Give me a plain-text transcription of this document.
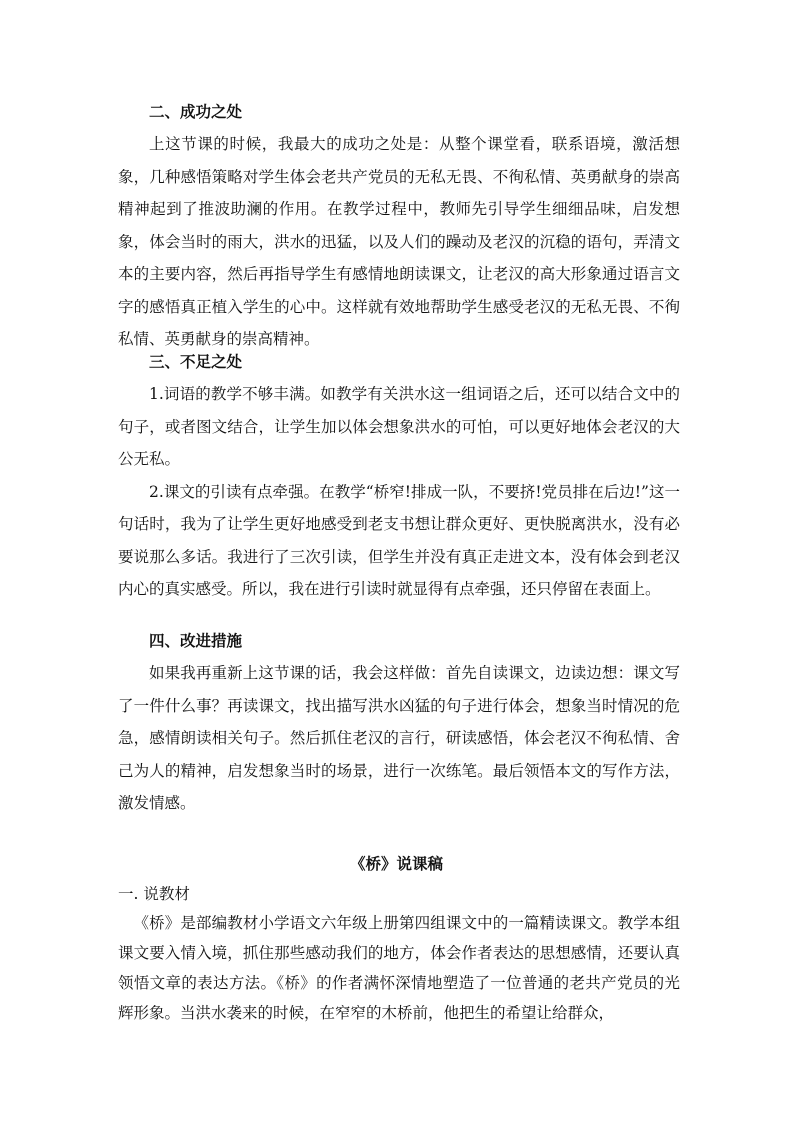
二、成功之处

上这节课的时候，我最大的成功之处是：从整个课堂看，联系语境，激活想象，几种感悟策略对学生体会老共产党员的无私无畏、不徇私情、英勇献身的崇高精神起到了推波助澜的作用。在教学过程中，教师先引导学生细细品味，启发想象，体会当时的雨大，洪水的迅猛，以及人们的躁动及老汉的沉稳的语句，弄清文本的主要内容，然后再指导学生有感情地朗读课文，让老汉的高大形象通过语言文字的感悟真正植入学生的心中。这样就有效地帮助学生感受老汉的无私无畏、不徇私情、英勇献身的崇高精神。

三、不足之处

1.词语的教学不够丰满。如教学有关洪水这一组词语之后，还可以结合文中的句子，或者图文结合，让学生加以体会想象洪水的可怕，可以更好地体会老汉的大公无私。

2.课文的引读有点牵强。在教学“桥窄!排成一队，不要挤!党员排在后边!”这一句话时，我为了让学生更好地感受到老支书想让群众更好、更快脱离洪水，没有必要说那么多话。我进行了三次引读，但学生并没有真正走进文本，没有体会到老汉内心的真实感受。所以，我在进行引读时就显得有点牵强，还只停留在表面上。

四、改进措施

如果我再重新上这节课的话，我会这样做：首先自读课文，边读边想：课文写了一件什么事？再读课文，找出描写洪水凶猛的句子进行体会，想象当时情况的危急，感情朗读相关句子。然后抓住老汉的言行，研读感悟，体会老汉不徇私情、舍己为人的精神，启发想象当时的场景，进行一次练笔。最后领悟本文的写作方法，激发情感。

《桥》说课稿

一. 说教材

《桥》是部编教材小学语文六年级上册第四组课文中的一篇精读课文。教学本组课文要入情入境，抓住那些感动我们的地方，体会作者表达的思想感情，还要认真领悟文章的表达方法。《桥》的作者满怀深情地塑造了一位普通的老共产党员的光辉形象。当洪水袭来的时候，在窄窄的木桥前，他把生的希望让给群众，
